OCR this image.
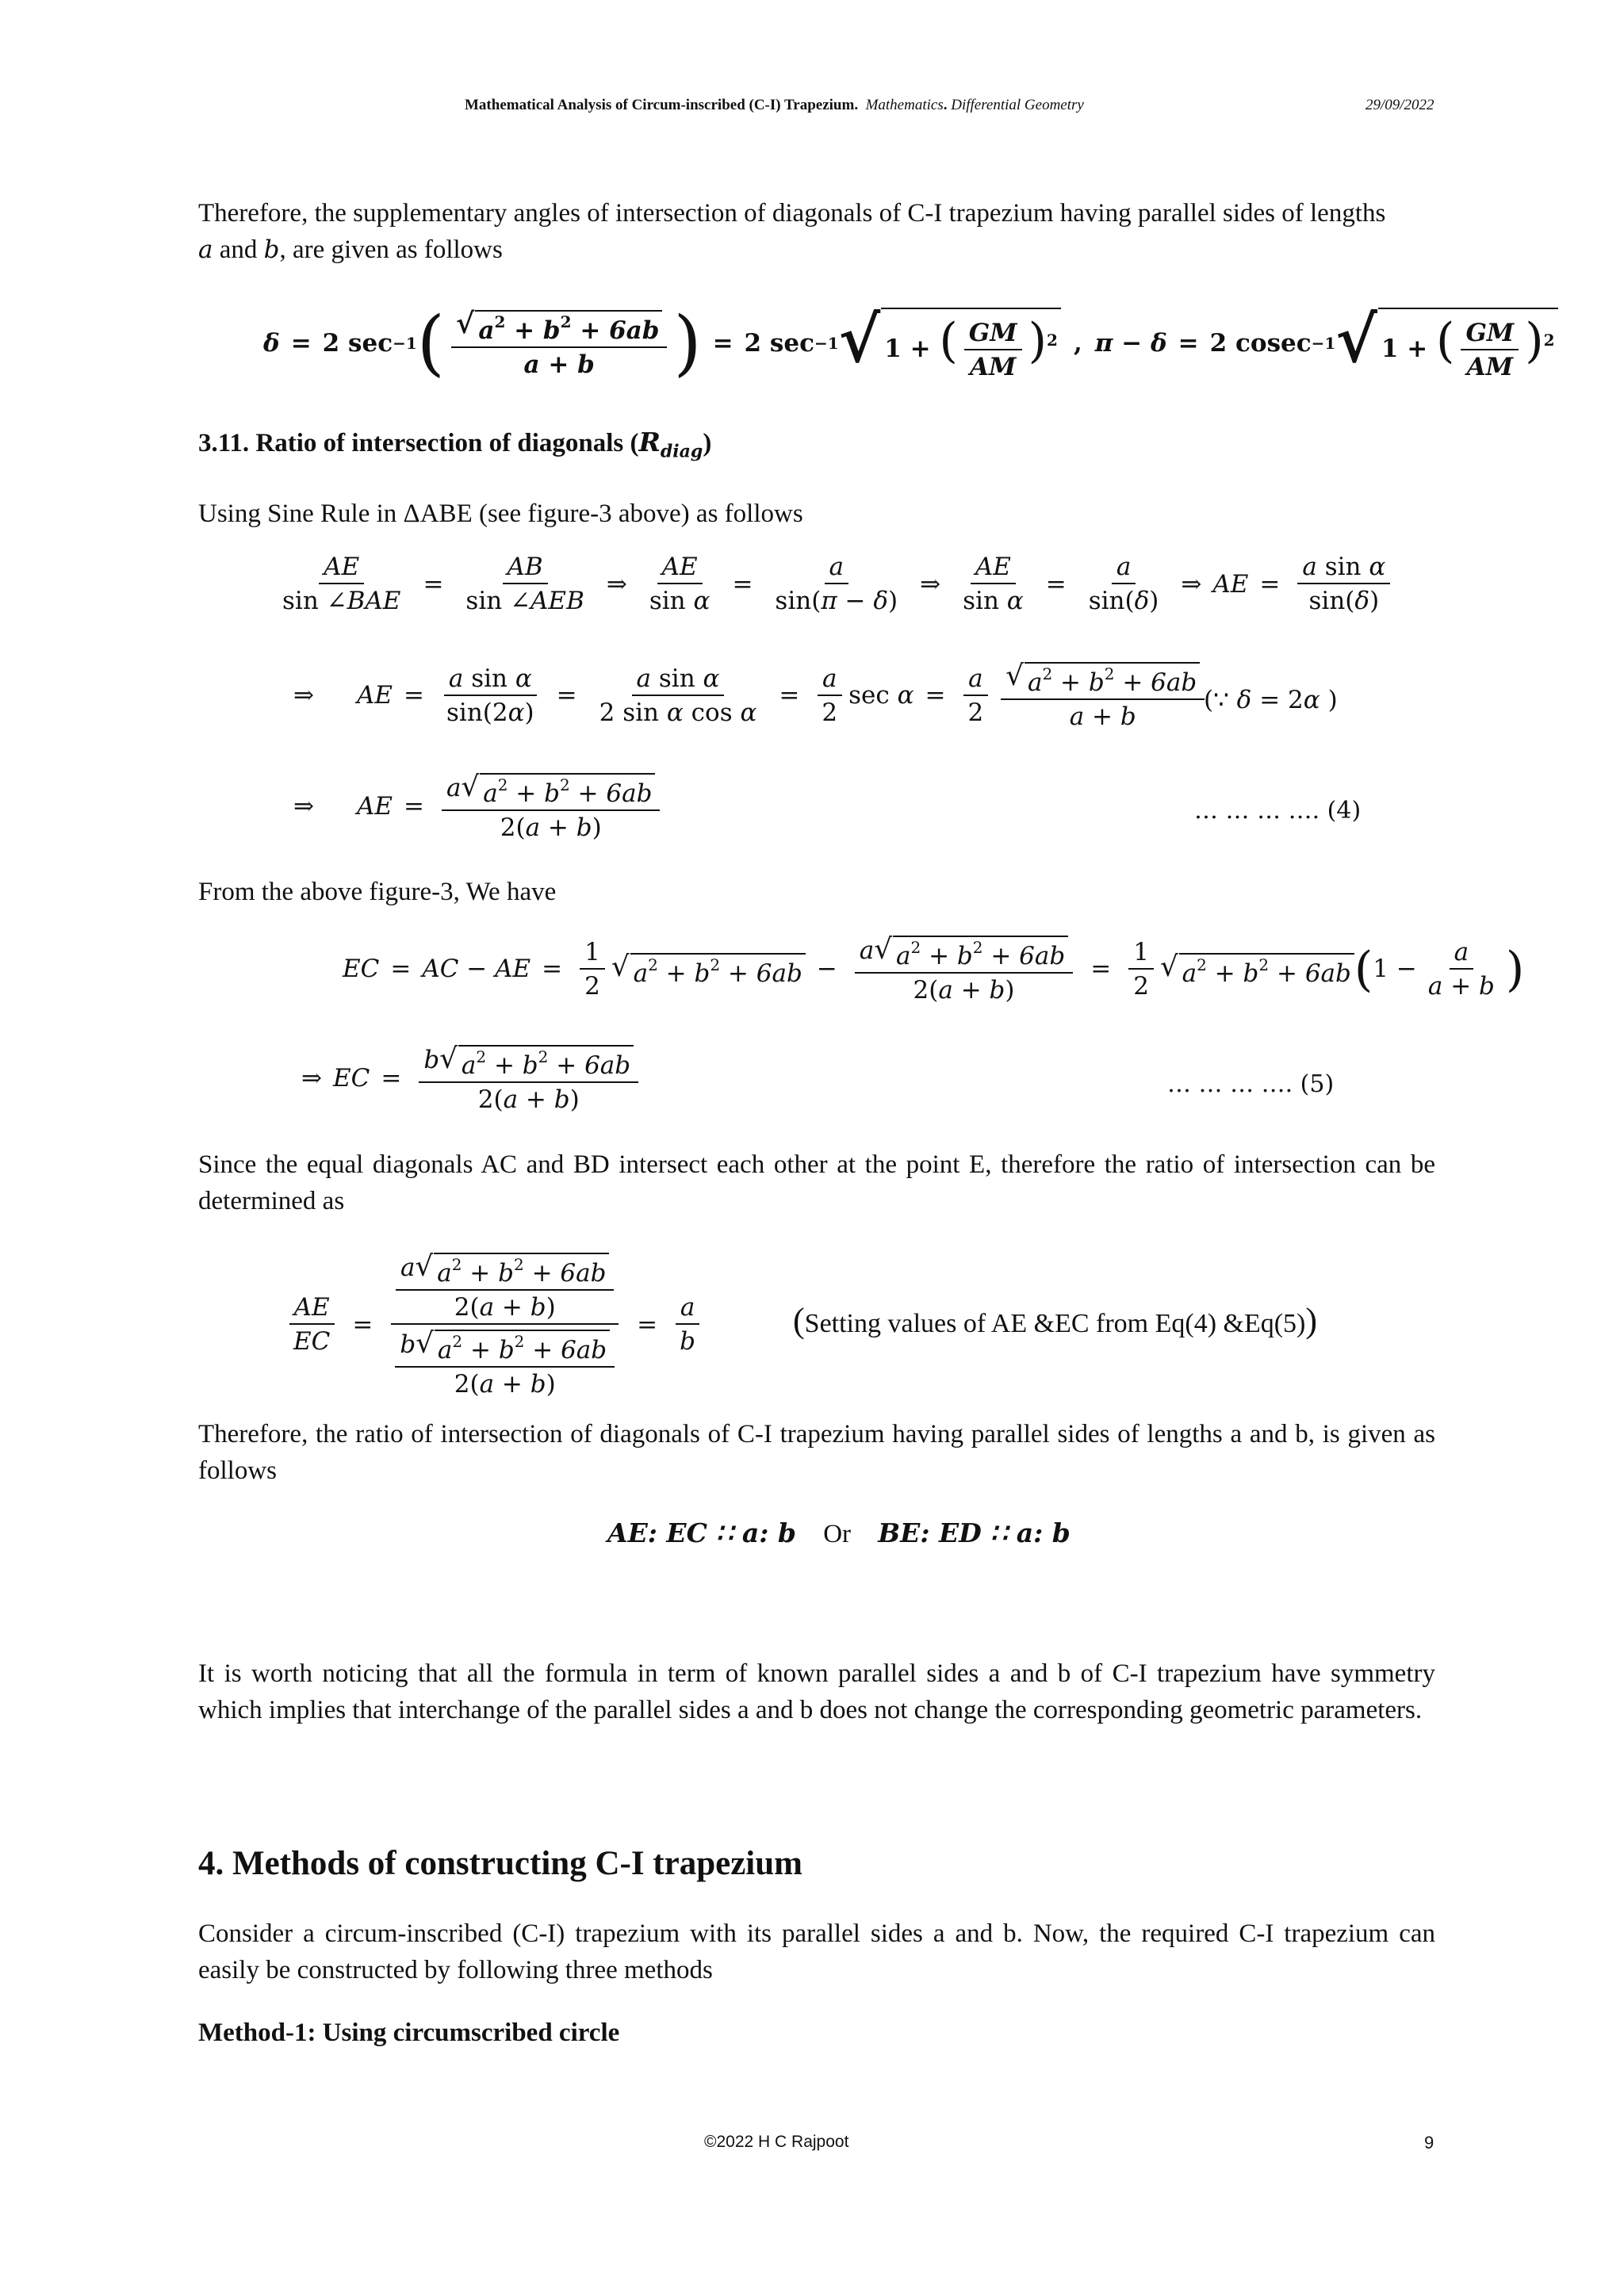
Mathematical Analysis of Circum-inscribed (C-I) Trapezium. Mathematics. Differential Geometry	29/09/2022
Therefore, the supplementary angles of intersection of diagonals of C-I trapezium having parallel sides of lengths
a and b, are given as follows
δ = 2 sec −1 ( $\frac{√ a^2 + b^2 + 6ab}{a + b}$ ) = 2 sec −1 √ 1 + ( $\frac{GM}{AM} )^2$ , π − δ = 2 cosec −1 √ 1 + ( $\frac{GM}{AM} )^2$
3.11. Ratio of intersection of diagonals $(R_{diag})$
Using Sine Rule in ΔABE (see figure-3 above) as follows
$\frac{AE}{\text{sin ∠BAE}} = \frac{AB}{\text{sin ∠AEB}}$ ⇒ $\frac{AE}{\text{sin α}} = \frac{a}{\sin(\pi - \delta)}$ ⇒ $\frac{AE}{\text{sin α}} = \frac{a}{\sin(\delta)}$ ⇒ AE = $\frac{\text{a sin α}}{\sin(\delta)}$
⇒ AE = $\frac{\text{a sin α}}{\sin(2\alpha)} = \frac{\text{a sin α}}{\text{2 sin α cos α}} = \frac{a}{2}$ $\sec \alpha = \frac{a}{2} \frac{√ a^2 + b^2 + 6ab}{a + b}$
(∵ δ = 2α )
⇒ AE = $\frac{a √ a^2 + b^2 + 6ab}{2(a + b)}$	… … … …. (4)
From the above figure-3, We have
EC = AC − AE = $\frac{1}{2}$ √ $a^2 + b^2 + 6ab - \frac{a √ a^2 + b^2 + 6ab}{2(a + b)} = \frac{1}{2}$ √ $a^2 + b^2 + 6ab$ ( $1 - \frac{a}{a + b}$ )
⇒ EC = $\frac{b √ a^2 + b^2 + 6ab}{2(a + b)}$	… … … …. (5)
Since the equal diagonals AC and BD intersect each other at the point E, therefore the ratio of intersection can be determined as
$\frac{AE}{EC} = \frac{\frac{a √ a^2 + b^2 + 6ab}{2(a + b)}}{\frac{b √ a^2 + b^2 + 6ab}{2(a + b)}} = \frac{a}{b}$	(Setting values of AE &EC from Eq(4) &Eq(5))
Therefore, the ratio of intersection of diagonals of C-I trapezium having parallel sides of lengths a and b, is given as follows
AE: EC ∷ a: b Or BE: ED ∷ a: b
It is worth noticing that all the formula in term of known parallel sides a and b of C-I trapezium have symmetry which implies that interchange of the parallel sides a and b does not change the corresponding geometric parameters.
4. Methods of constructing C-I trapezium
Consider a circum-inscribed (C-I) trapezium with its parallel sides a and b. Now, the required C-I trapezium can easily be constructed by following three methods
Method-1: Using circumscribed circle
©2022 H C Rajpoot	9
